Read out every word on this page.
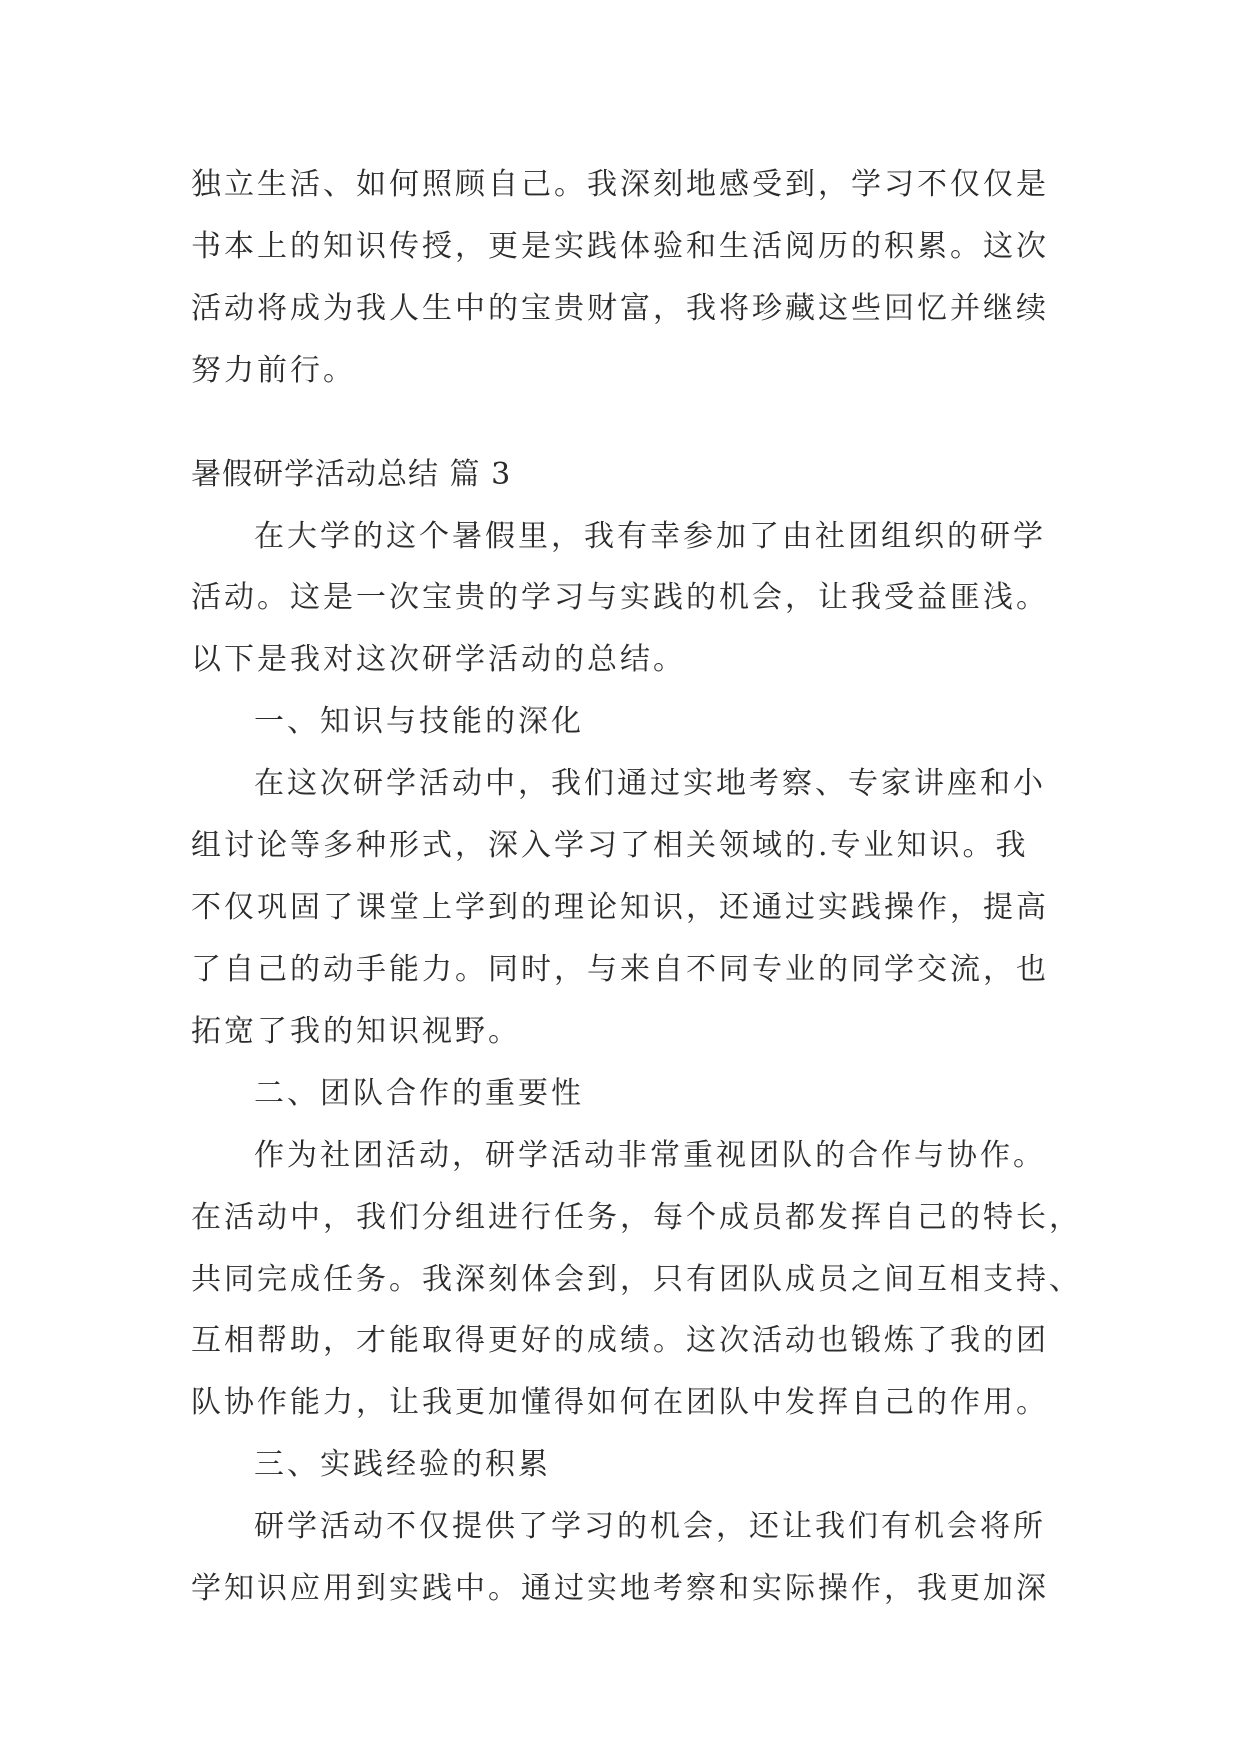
独立生活、如何照顾自己。我深刻地感受到，学习不仅仅是

书本上的知识传授，更是实践体验和生活阅历的积累。这次

活动将成为我人生中的宝贵财富，我将珍藏这些回忆并继续

努力前行。

暑假研学活动总结 篇 3

在大学的这个暑假里，我有幸参加了由社团组织的研学

活动。这是一次宝贵的学习与实践的机会，让我受益匪浅。

以下是我对这次研学活动的总结。

一、知识与技能的深化

在这次研学活动中，我们通过实地考察、专家讲座和小

组讨论等多种形式，深入学习了相关领域的.专业知识。我

不仅巩固了课堂上学到的理论知识，还通过实践操作，提高

了自己的动手能力。同时，与来自不同专业的同学交流，也

拓宽了我的知识视野。

二、团队合作的重要性

作为社团活动，研学活动非常重视团队的合作与协作。

在活动中，我们分组进行任务，每个成员都发挥自己的特长，

共同完成任务。我深刻体会到，只有团队成员之间互相支持、

互相帮助，才能取得更好的成绩。这次活动也锻炼了我的团

队协作能力，让我更加懂得如何在团队中发挥自己的作用。

三、实践经验的积累

研学活动不仅提供了学习的机会，还让我们有机会将所

学知识应用到实践中。通过实地考察和实际操作，我更加深
